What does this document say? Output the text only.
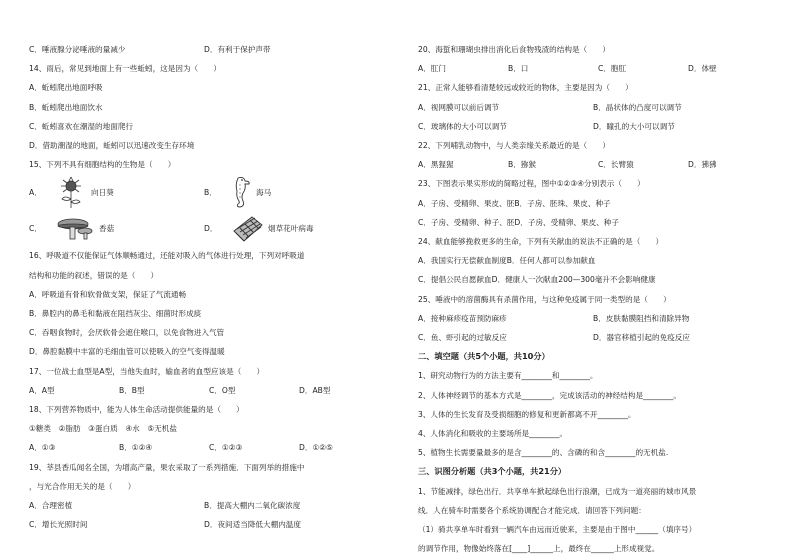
C．唾液腺分泌唾液的量减少	D．有利于保护声带
14、雨后，常见到地面上有一些蚯蚓，这是因为（　　）
A．蚯蚓爬出地面呼吸
B．蚯蚓爬出地面饮水
C．蚯蚓喜欢在潮湿的地面爬行
D．借助潮湿的地面，蚯蚓可以迅速改变生存环境
15、下列不具有细胞结构的生物是（　　）
A．	向日葵	B．	海马
C．	香菇	D．	烟草花叶病毒
16、呼吸道不仅能保证气体顺畅通过，还能对吸入的气体进行处理，下列对呼吸道
结构和功能的叙述，错误的是（　　）
A．呼吸道有骨和软骨做支架，保证了气流通畅
B．鼻腔内的鼻毛和黏液在阻挡灰尘、细菌时形成痰
C．吞咽食物时，会厌软骨会遮住喉口，以免食物进入气管
D．鼻腔黏膜中丰富的毛细血管可以使吸入的空气变得温暖
17、一位战士血型是A型，当他失血时，输血者的血型应该是（　　）
A．A型	B．B型	C．O型	D．AB型
18、下列营养物质中，能为人体生命活动提供能量的是（　　）
①糖类　②脂肪　③蛋白质　④水　⑤无机盐
A．①③	B．①②④	C．①②③	D．①②⑤
19、莘县香瓜闻名全国，为增高产量，果农采取了一系列措施．下面列举的措施中
，与光合作用无关的是（　　）
A．合理密植	B．提高大棚内二氧化碳浓度
C．增长光照时间	D．夜间适当降低大棚内温度
20、海蜇和珊瑚虫排出消化后食物残渣的结构是（　　）
A．肛门	B．口	C．胞肛	D．体壁
21、正常人能够看清楚较远或较近的物体，主要是因为（　　）
A．视网膜可以前后调节	B．晶状体的凸度可以调节
C．玻璃体的大小可以调节	D．瞳孔的大小可以调节
22、下列哺乳动物中，与人类亲缘关系最近的是（　　）
A．黑猩猩	B．猕猴	C．长臂猿	D．狒狒
23、下图表示果实形成的简略过程，图中①②③④分别表示（　　）
A．子房、受精卵、果皮、胚B．子房、胚珠、果皮、种子
C．子房、受精卵、种子、胚D．子房、受精卵、果皮、种子
24、献血能够挽救更多的生命，下列有关献血的说法不正确的是（　　）
A．我国实行无偿献血制度B．任何人都可以参加献血
C．提倡公民自愿献血D．健康人一次献血200—300毫升不会影响健康
25、唾液中的溶菌酶具有杀菌作用，与这种免疫属于同一类型的是（　　）
A．接种麻疹疫苗预防麻疹	B．皮肤黏膜阻挡和清除异物
C．鱼、虾引起的过敏反应	D．器官移植引起的免疫反应
二、填空题（共5个小题，共10分）
1、研究动物行为的方法主要有________和________。
2、人体神经调节的基本方式是________，完成该活动的神经结构是________。
3、人体的生长发育及受损细胞的修复和更新都离不开________。
4、人体消化和吸收的主要场所是________。
5、植物生长需要量最多的是含________的、含磷的和含________的无机盐.
三、识图分析题（共3个小题，共21分）
1、节能减排，绿色出行．共享单车掀起绿色出行浪潮，已成为一道亮丽的城市风景
线．人在骑车时需要各个系统协调配合才能完成．请回答下列问题：
（1）骑共享单车时看到一辆汽车由远而近驶来，主要是由于图中______（填序号）
的调节作用，物像始终落在[____]______上，最终在______上形成视觉。
